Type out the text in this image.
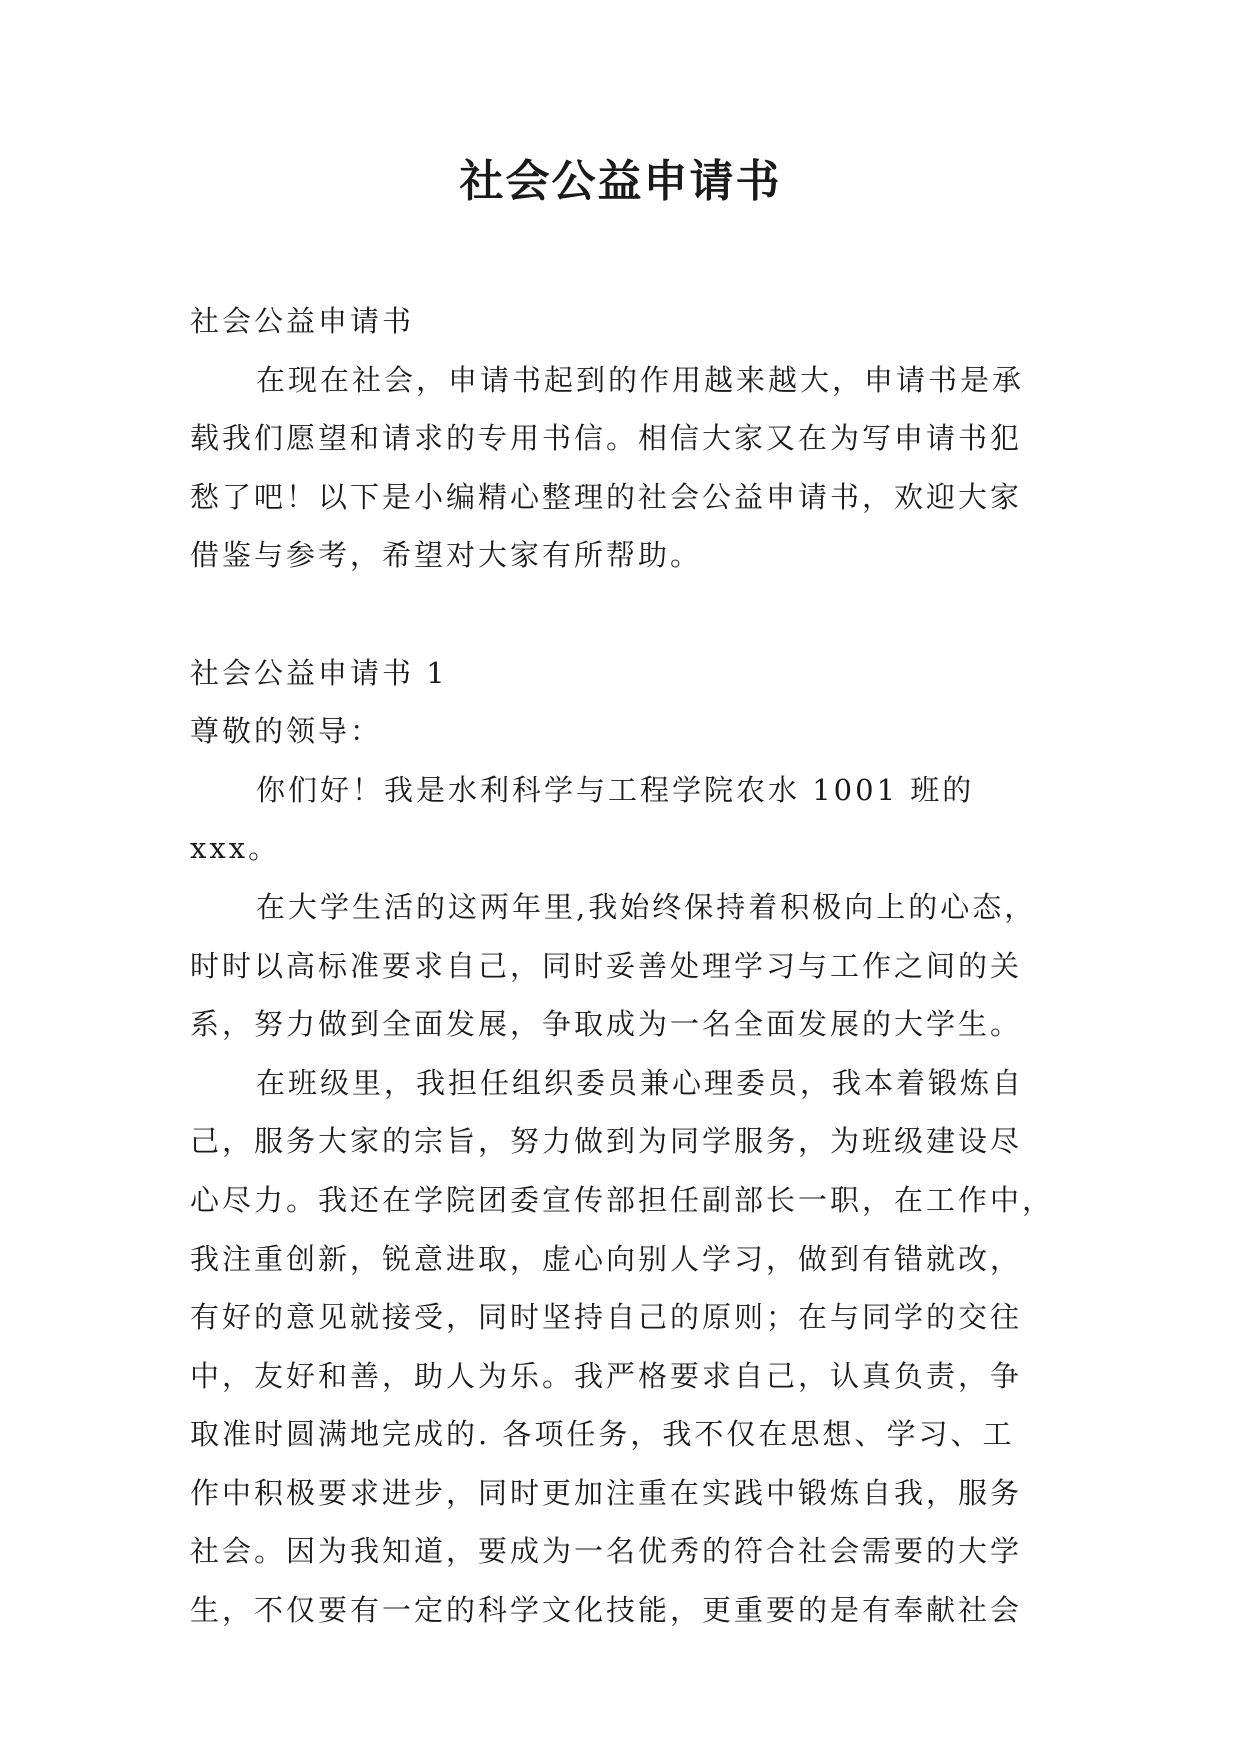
社会公益申请书

社会公益申请书

在现在社会，申请书起到的作用越来越大，申请书是承

载我们愿望和请求的专用书信。相信大家又在为写申请书犯

愁了吧！以下是小编精心整理的社会公益申请书，欢迎大家

借鉴与参考，希望对大家有所帮助。

社会公益申请书 1

尊敬的领导：

你们好！我是水利科学与工程学院农水 1001 班的 xxx。

在大学生活的这两年里,我始终保持着积极向上的心态，

时时以高标准要求自己，同时妥善处理学习与工作之间的关

系，努力做到全面发展，争取成为一名全面发展的大学生。

在班级里，我担任组织委员兼心理委员，我本着锻炼自

己，服务大家的宗旨，努力做到为同学服务，为班级建设尽

心尽力。我还在学院团委宣传部担任副部长一职，在工作中，

我注重创新，锐意进取，虚心向别人学习，做到有错就改，

有好的意见就接受，同时坚持自己的原则；在与同学的交往

中，友好和善，助人为乐。我严格要求自己，认真负责，争

取准时圆满地完成的. 各项任务，我不仅在思想、学习、工

作中积极要求进步，同时更加注重在实践中锻炼自我，服务

社会。因为我知道，要成为一名优秀的符合社会需要的大学

生，不仅要有一定的科学文化技能，更重要的是有奉献社会
